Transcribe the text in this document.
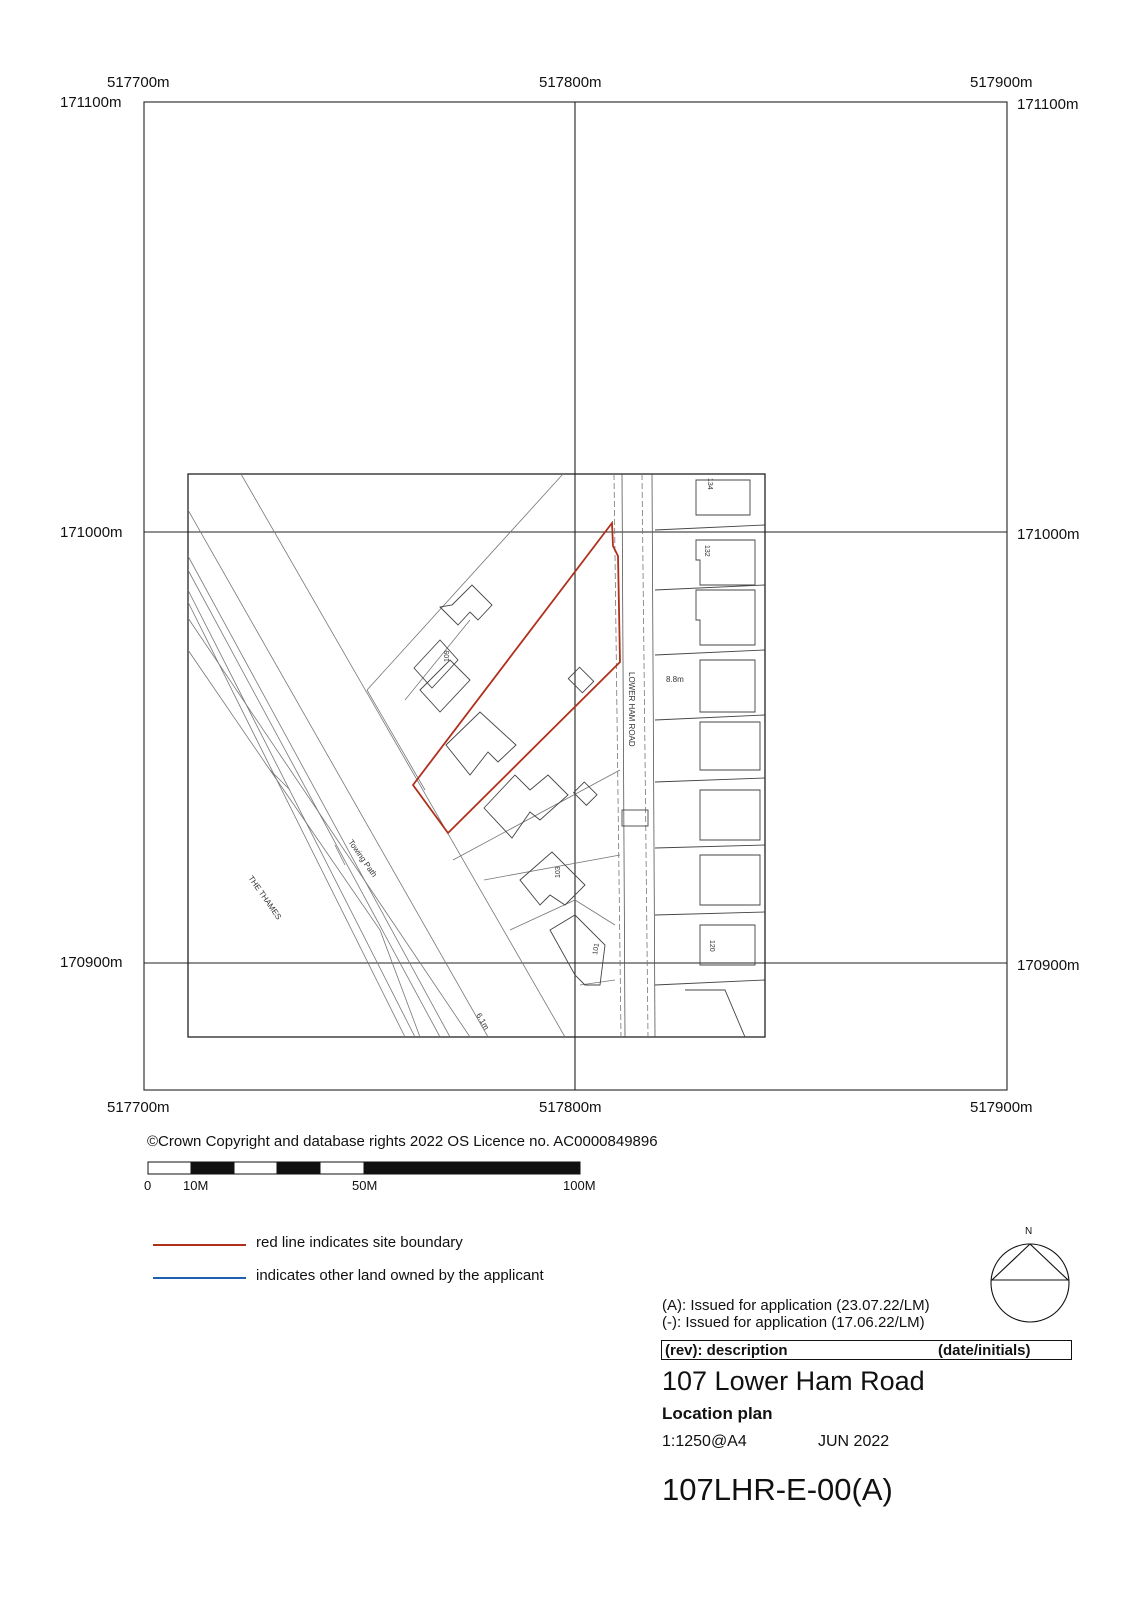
LOWER HAM ROAD
THE THAMES
Towing Path
8.8m
6.1m
134
132
109
103
101	120
517700m	517800m	517900m
517700m	517800m	517900m
171100m	171100m
171000m	171000m
170900m	170900m
©Crown Copyright and database rights 2022 OS Licence no. AC0000849896
0 10M	50M	100M
red line indicates site boundary
indicates other land owned by the applicant
N
(A): Issued for application (23.07.22/LM)
(-): Issued for application (17.06.22/LM)
(rev): description	(date/initials)
107 Lower Ham Road
Location plan
1:1250@A4	JUN 2022
107LHR-E-00(A)
